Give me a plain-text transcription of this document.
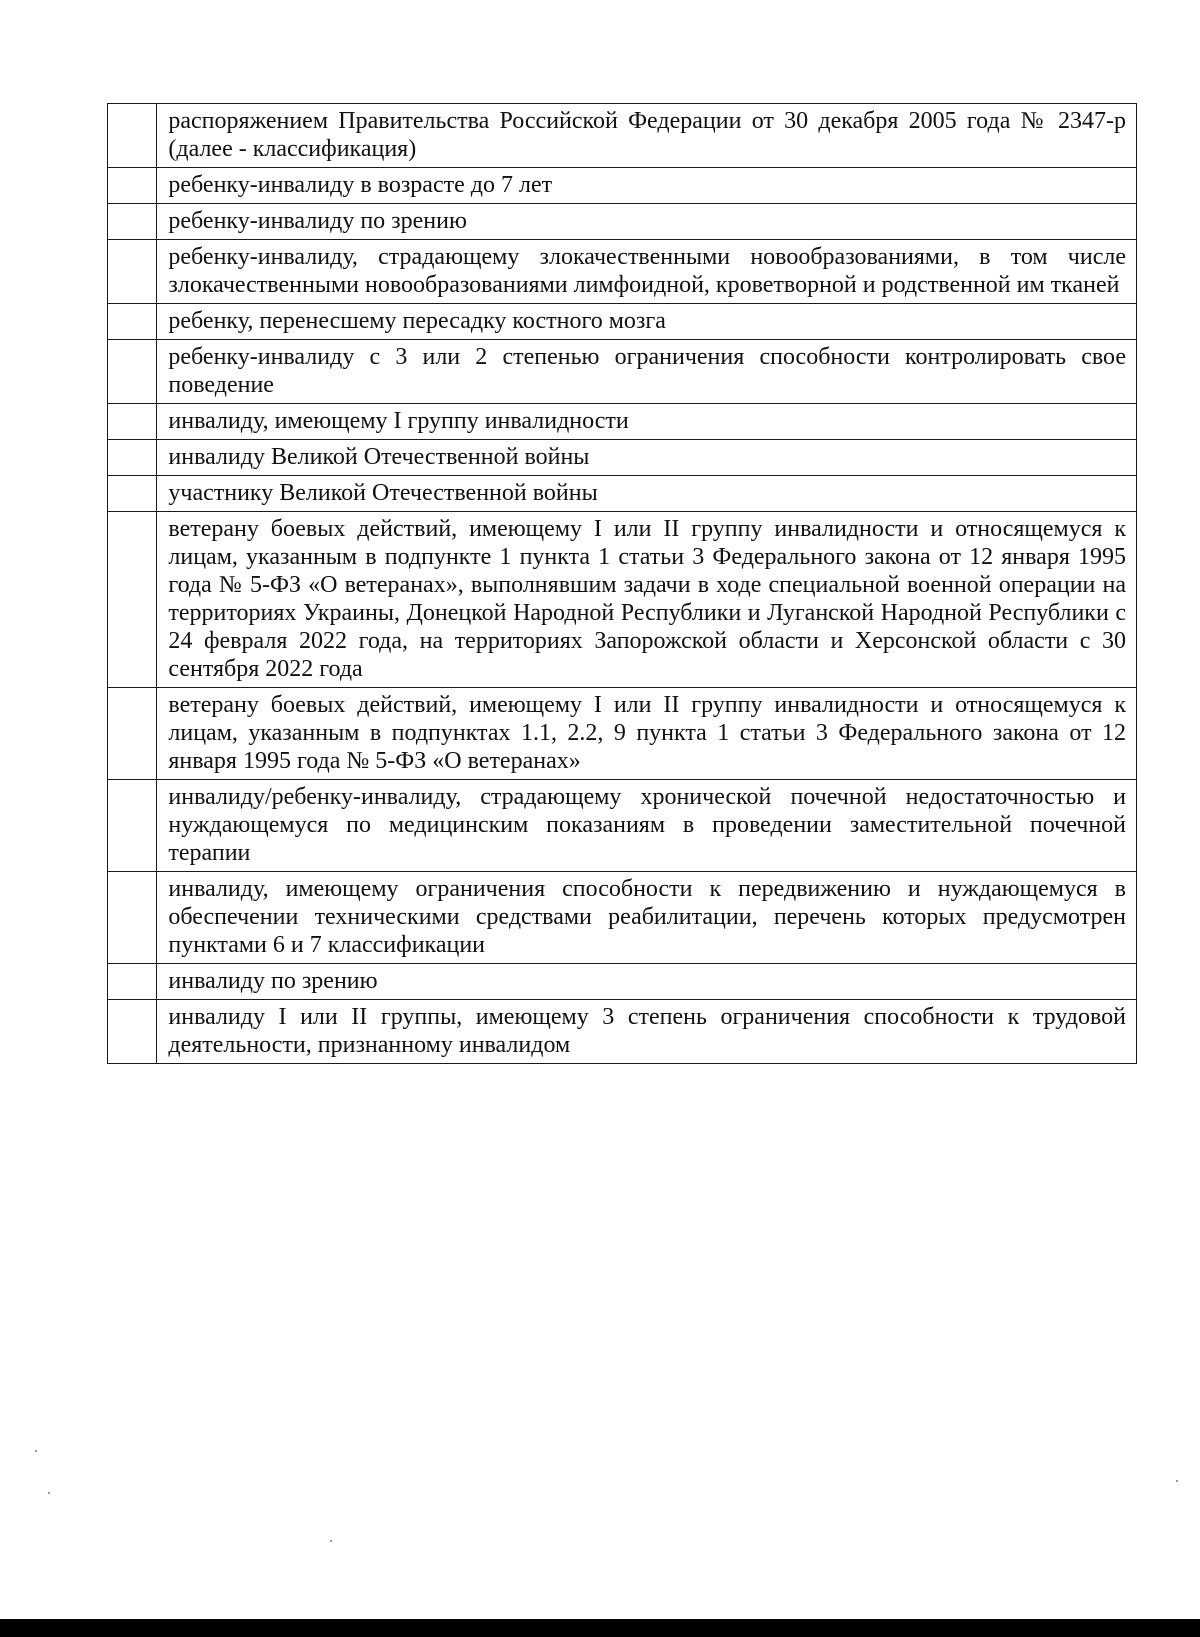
	распоряжением Правительства Российской Федерации от 30 декабря 2005 года № 2347-р (далее - классификация)
	ребенку-инвалиду в возрасте до 7 лет
	ребенку-инвалиду по зрению
	ребенку-инвалиду, страдающему злокачественными новообразованиями, в том числе злокачественными новообразованиями лимфоидной, кроветворной и родственной им тканей
	ребенку, перенесшему пересадку костного мозга
	ребенку-инвалиду с 3 или 2 степенью ограничения способности контролировать свое поведение
	инвалиду, имеющему I группу инвалидности
	инвалиду Великой Отечественной войны
	участнику Великой Отечественной войны
	ветерану боевых действий, имеющему I или II группу инвалидности и относящемуся к лицам, указанным в подпункте 1 пункта 1 статьи 3 Федерального закона от 12 января 1995 года № 5-ФЗ «О ветеранах», выполнявшим задачи в ходе специальной военной операции на территориях Украины, Донецкой Народной Республики и Луганской Народной Республики с 24 февраля 2022 года, на территориях Запорожской области и Херсонской области с 30 сентября 2022 года
	ветерану боевых действий, имеющему I или II группу инвалидности и относящемуся к лицам, указанным в подпунктах 1.1, 2.2, 9 пункта 1 статьи 3 Федерального закона от 12 января 1995 года № 5-ФЗ «О ветеранах»
	инвалиду/ребенку-инвалиду, страдающему хронической почечной недостаточностью и нуждающемуся по медицинским показаниям в проведении заместительной почечной терапии
	инвалиду, имеющему ограничения способности к передвижению и нуждающемуся в обеспечении техническими средствами реабилитации, перечень которых предусмотрен пунктами 6 и 7 классификации
	инвалиду по зрению
	инвалиду I или II группы, имеющему 3 степень ограничения способности к трудовой деятельности, признанному инвалидом
